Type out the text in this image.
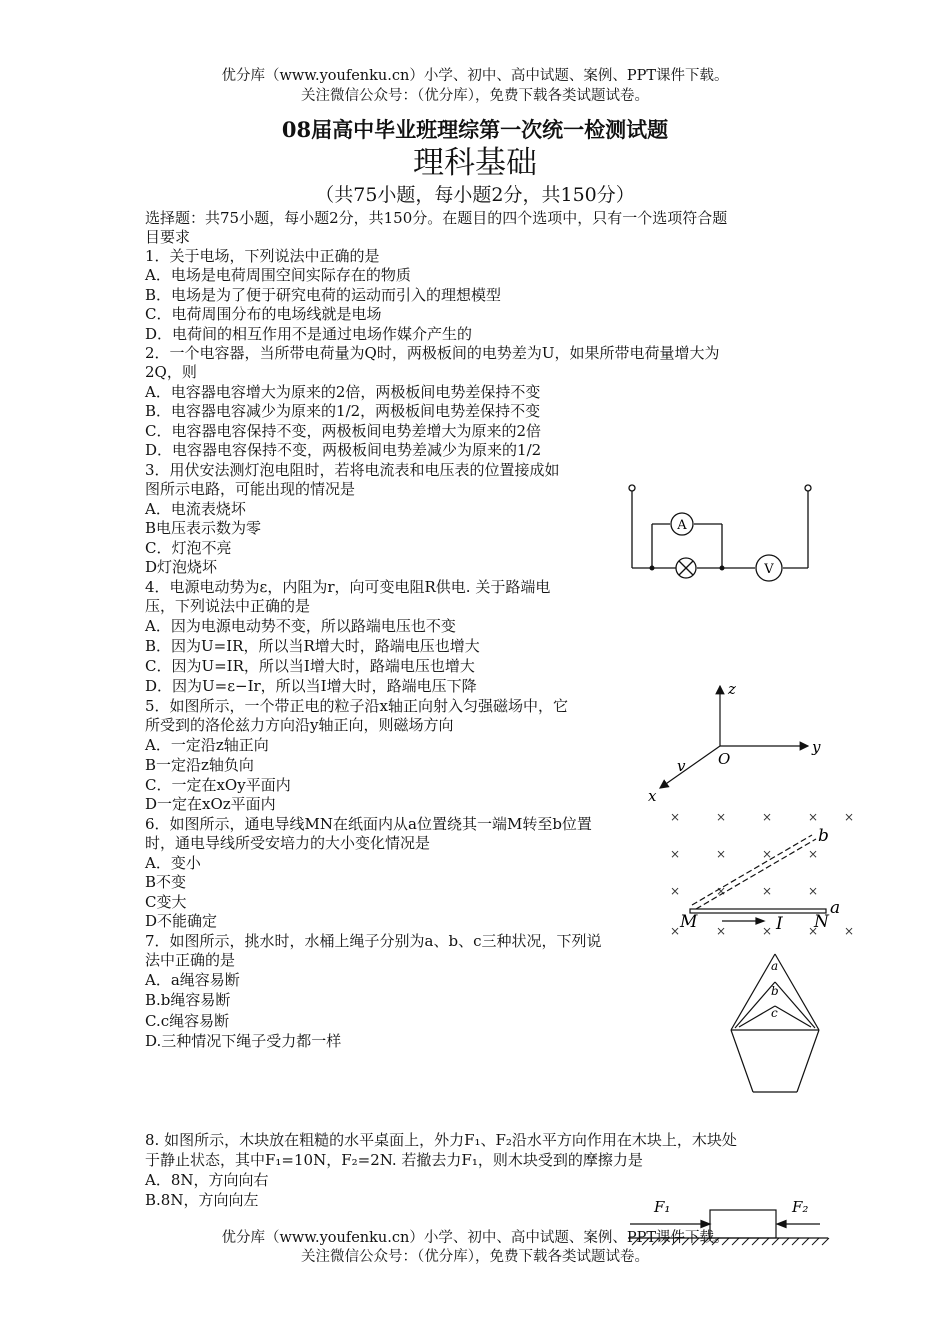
优分库（www.youfenku.cn）小学、初中、高中试题、案例、PPT课件下载。
关注微信公众号：（优分库），免费下载各类试题试卷。
08届高中毕业班理综第一次统一检测试题
理科基础
（共75小题，每小题2分，共150分）
选择题：共75小题，每小题2分，共150分。在题目的四个选项中，只有一个选项符合题
目要求
1．关于电场，下列说法中正确的是
A．电场是电荷周围空间实际存在的物质
B．电场是为了便于研究电荷的运动而引入的理想模型
C．电荷周围分布的电场线就是电场
D．电荷间的相互作用不是通过电场作媒介产生的
2．一个电容器，当所带电荷量为Q时，两极板间的电势差为U，如果所带电荷量增大为
2Q，则
A．电容器电容增大为原来的2倍，两极板间电势差保持不变
B．电容器电容减少为原来的1/2，两极板间电势差保持不变
C．电容器电容保持不变，两极板间电势差增大为原来的2倍
D．电容器电容保持不变，两极板间电势差减少为原来的1/2
3．用伏安法测灯泡电阻时，若将电流表和电压表的位置接成如
图所示电路，可能出现的情况是
A．电流表烧坏
B电压表示数为零
C．灯泡不亮
D灯泡烧坏
A
V
4．电源电动势为ε，内阻为r，向可变电阻R供电. 关于路端电
压，下列说法中正确的是
A．因为电源电动势不变，所以路端电压也不变
B．因为U=IR，所以当R增大时，路端电压也增大
C．因为U=IR，所以当I增大时，路端电压也增大
D．因为U=ε−Ir，所以当I增大时，路端电压下降
5．如图所示，一个带正电的粒子沿x轴正向射入匀强磁场中，它
所受到的洛伦兹力方向沿y轴正向，则磁场方向
A．一定沿z轴正向
B一定沿z轴负向
C．一定在xOy平面内
D一定在xOz平面内
z
y
x
O
v
6．如图所示，通电导线MN在纸面内从a位置绕其一端M转至b位置
时，通电导线所受安培力的大小变化情况是
A．变小
B不变
C变大
D不能确定
×	×	×	× ×
×	×	×	×
×	×	×	×
×	×	×	× ×
M	N
I
a
b
7．如图所示，挑水时，水桶上绳子分别为a、b、c三种状况，下列说
法中正确的是
A．a绳容易断
B.b绳容易断
C.c绳容易断
D.三种情况下绳子受力都一样
a
b
c
8. 如图所示，木块放在粗糙的水平桌面上，外力F₁、F₂沿水平方向作用在木块上，木块处
于静止状态，其中F₁=10N，F₂=2N. 若撤去力F₁，则木块受到的摩擦力是
A．8N，方向向右
B.8N，方向向左	F₁	F₂
优分库（www.youfenku.cn）小学、初中、高中试题、案例、PPT课件下载。
关注微信公众号：（优分库），免费下载各类试题试卷。
